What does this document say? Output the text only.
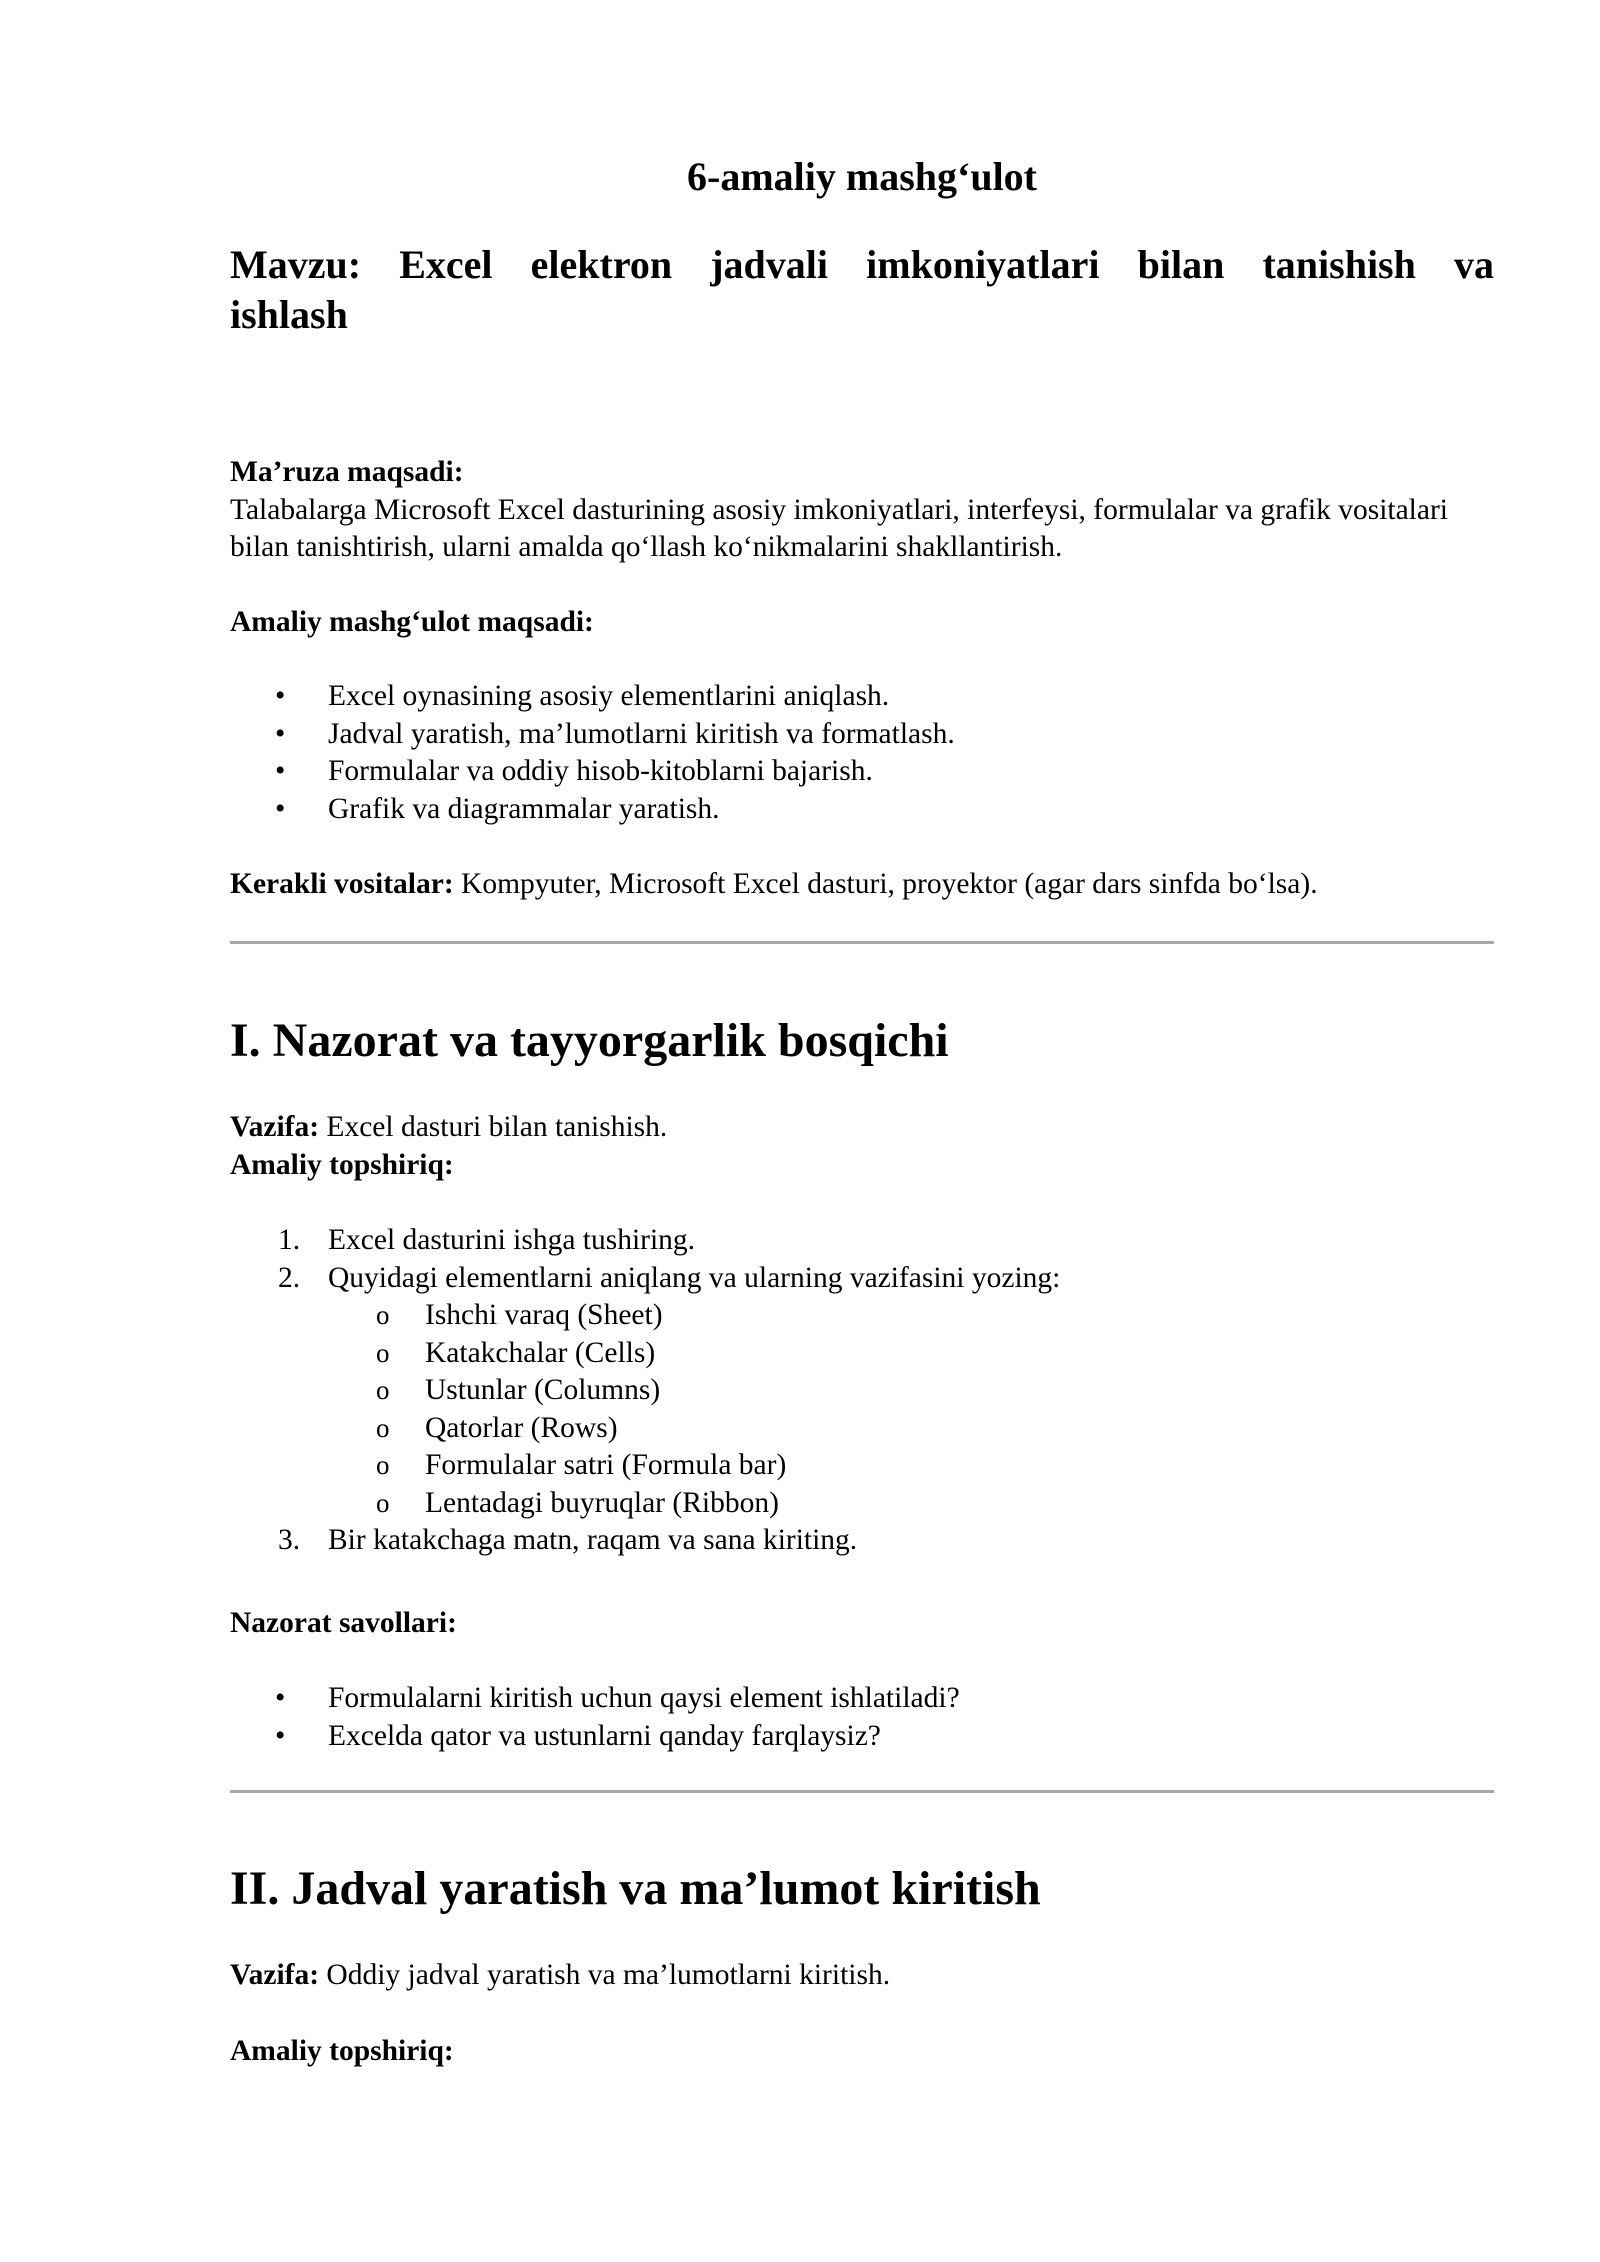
6-amaliy mashg‘ulot
Mavzu: Excel elektron jadvali imkoniyatlari bilan tanishish va
ishlash

Ma’ruza maqsadi:

Talabalarga Microsoft Excel dasturining asosiy imkoniyatlari, interfeysi, formulalar va grafik vositalari bilan tanishtirish, ularni amalda qo‘llash ko‘nikmalarini shakllantirish.

Amaliy mashg‘ulot maqsadi:

•	Excel oynasining asosiy elementlarini aniqlash.
•	Jadval yaratish, ma’lumotlarni kiritish va formatlash.
•	Formulalar va oddiy hisob-kitoblarni bajarish.
•	Grafik va diagrammalar yaratish.

Kerakli vositalar: Kompyuter, Microsoft Excel dasturi, proyektor (agar dars sinfda bo‘lsa).

I. Nazorat va tayyorgarlik bosqichi

Vazifa: Excel dasturi bilan tanishish.

Amaliy topshiriq:

1. Excel dasturini ishga tushiring.
2. Quyidagi elementlarni aniqlang va ularning vazifasini yozing:
o	Ishchi varaq (Sheet)
o	Katakchalar (Cells)
o	Ustunlar (Columns)
o	Qatorlar (Rows)
o	Formulalar satri (Formula bar)
o	Lentadagi buyruqlar (Ribbon)
3. Bir katakchaga matn, raqam va sana kiriting.

Nazorat savollari:

•	Formulalarni kiritish uchun qaysi element ishlatiladi?
•	Excelda qator va ustunlarni qanday farqlaysiz?
II. Jadval yaratish va ma’lumot kiritish

Vazifa: Oddiy jadval yaratish va ma’lumotlarni kiritish.

Amaliy topshiriq:
